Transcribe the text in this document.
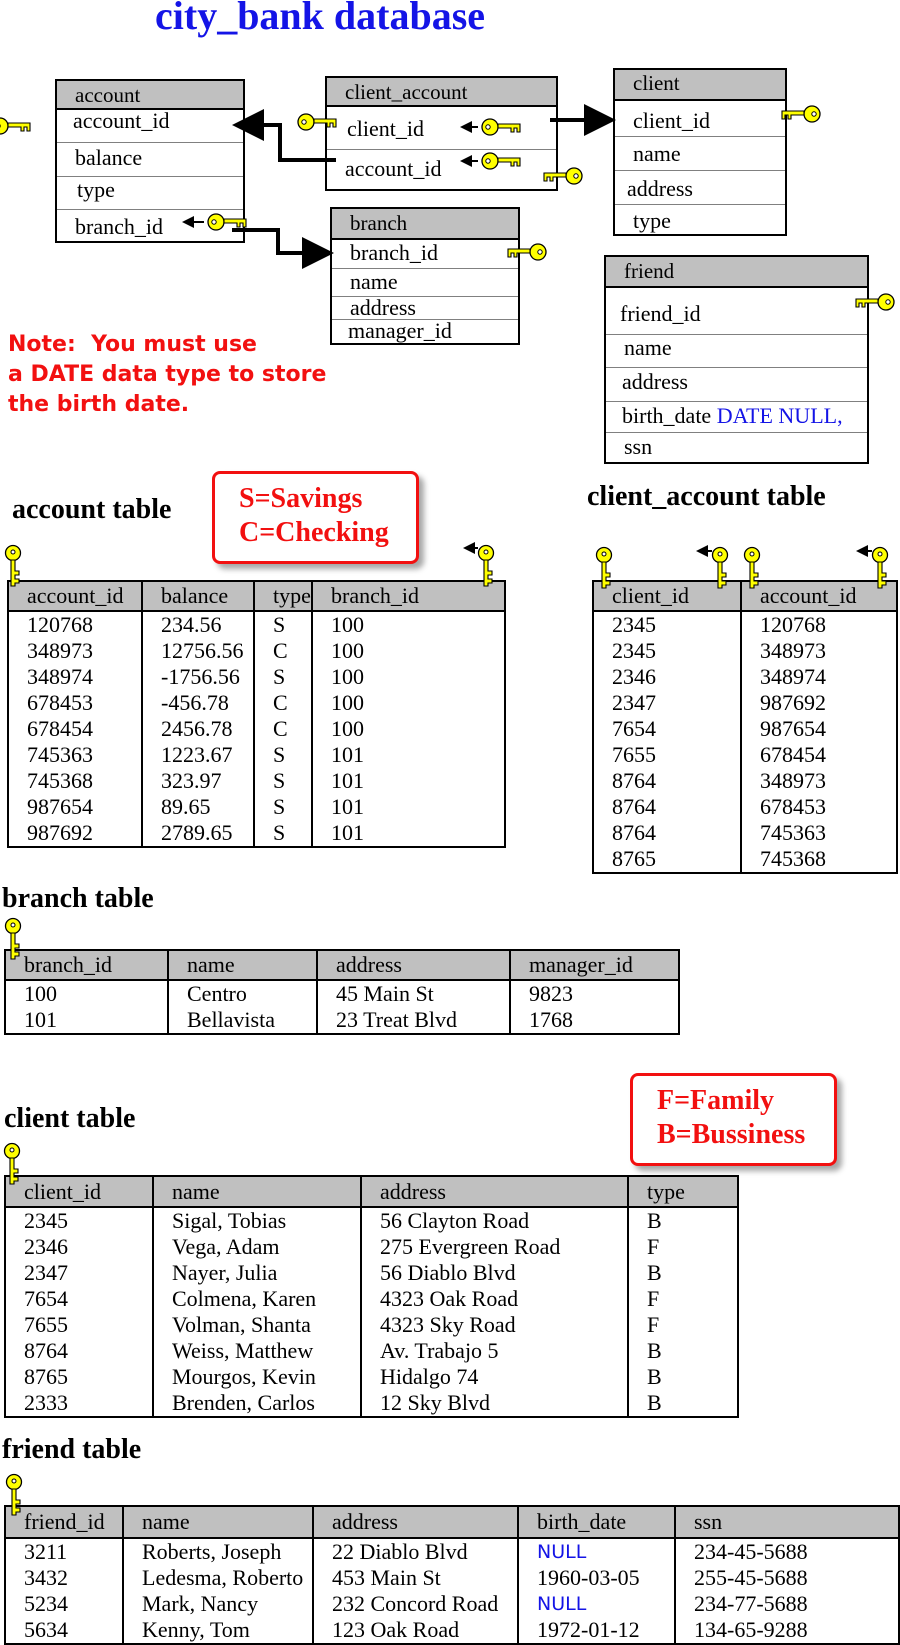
city_bank database
account
account_id
balance
type
branch_id
client_account
client_id
account_id
client
client_id
name
address
type
branch
branch_id
name
address
manager_id
friend
friend_id
name
address
birth_date DATE NULL,
ssn
Note:  You must use
a DATE data type to store
the birth date.
account table	S=Savings
C=Checking
client_account table
account_id	balance	type	branch_id
120768	234.56	S	100
348973	12756.56	C	100
348974	-1756.56	S	100
678453	-456.78	C	100
678454	2456.78	C	100
745363	1223.67	S	101
745368	323.97	S	101
987654	89.65	S	101
987692	2789.65	S	101
client_id	account_id
2345	120768
2345	348973
2346	348974
2347	987692
7654	987654
7655	678454
8764	348973
8764	678453
8764	745363
8765	745368
branch table
branch_id	name	address	manager_id
100	Centro	45 Main St	9823
101	Bellavista	23 Treat Blvd	1768
client table
F=Family
B=Bussiness
client_id	name	address	type
2345	Sigal, Tobias	56 Clayton Road	B
2346	Vega, Adam	275 Evergreen Road	F
2347	Nayer, Julia	56 Diablo Blvd	B
7654	Colmena, Karen	4323 Oak Road	F
7655	Volman, Shanta	4323 Sky Road	F
8764	Weiss, Matthew	Av. Trabajo 5	B
8765	Mourgos, Kevin	Hidalgo 74	B
2333	Brenden, Carlos	12 Sky Blvd	B
friend table
friend_id	name	address	birth_date	ssn
3211	Roberts, Joseph	22 Diablo Blvd	NULL	234-45-5688
3432	Ledesma, Roberto	453 Main St	1960-03-05	255-45-5688
5234	Mark, Nancy	232 Concord Road	NULL	234-77-5688
5634	Kenny, Tom	123 Oak Road	1972-01-12	134-65-9288
